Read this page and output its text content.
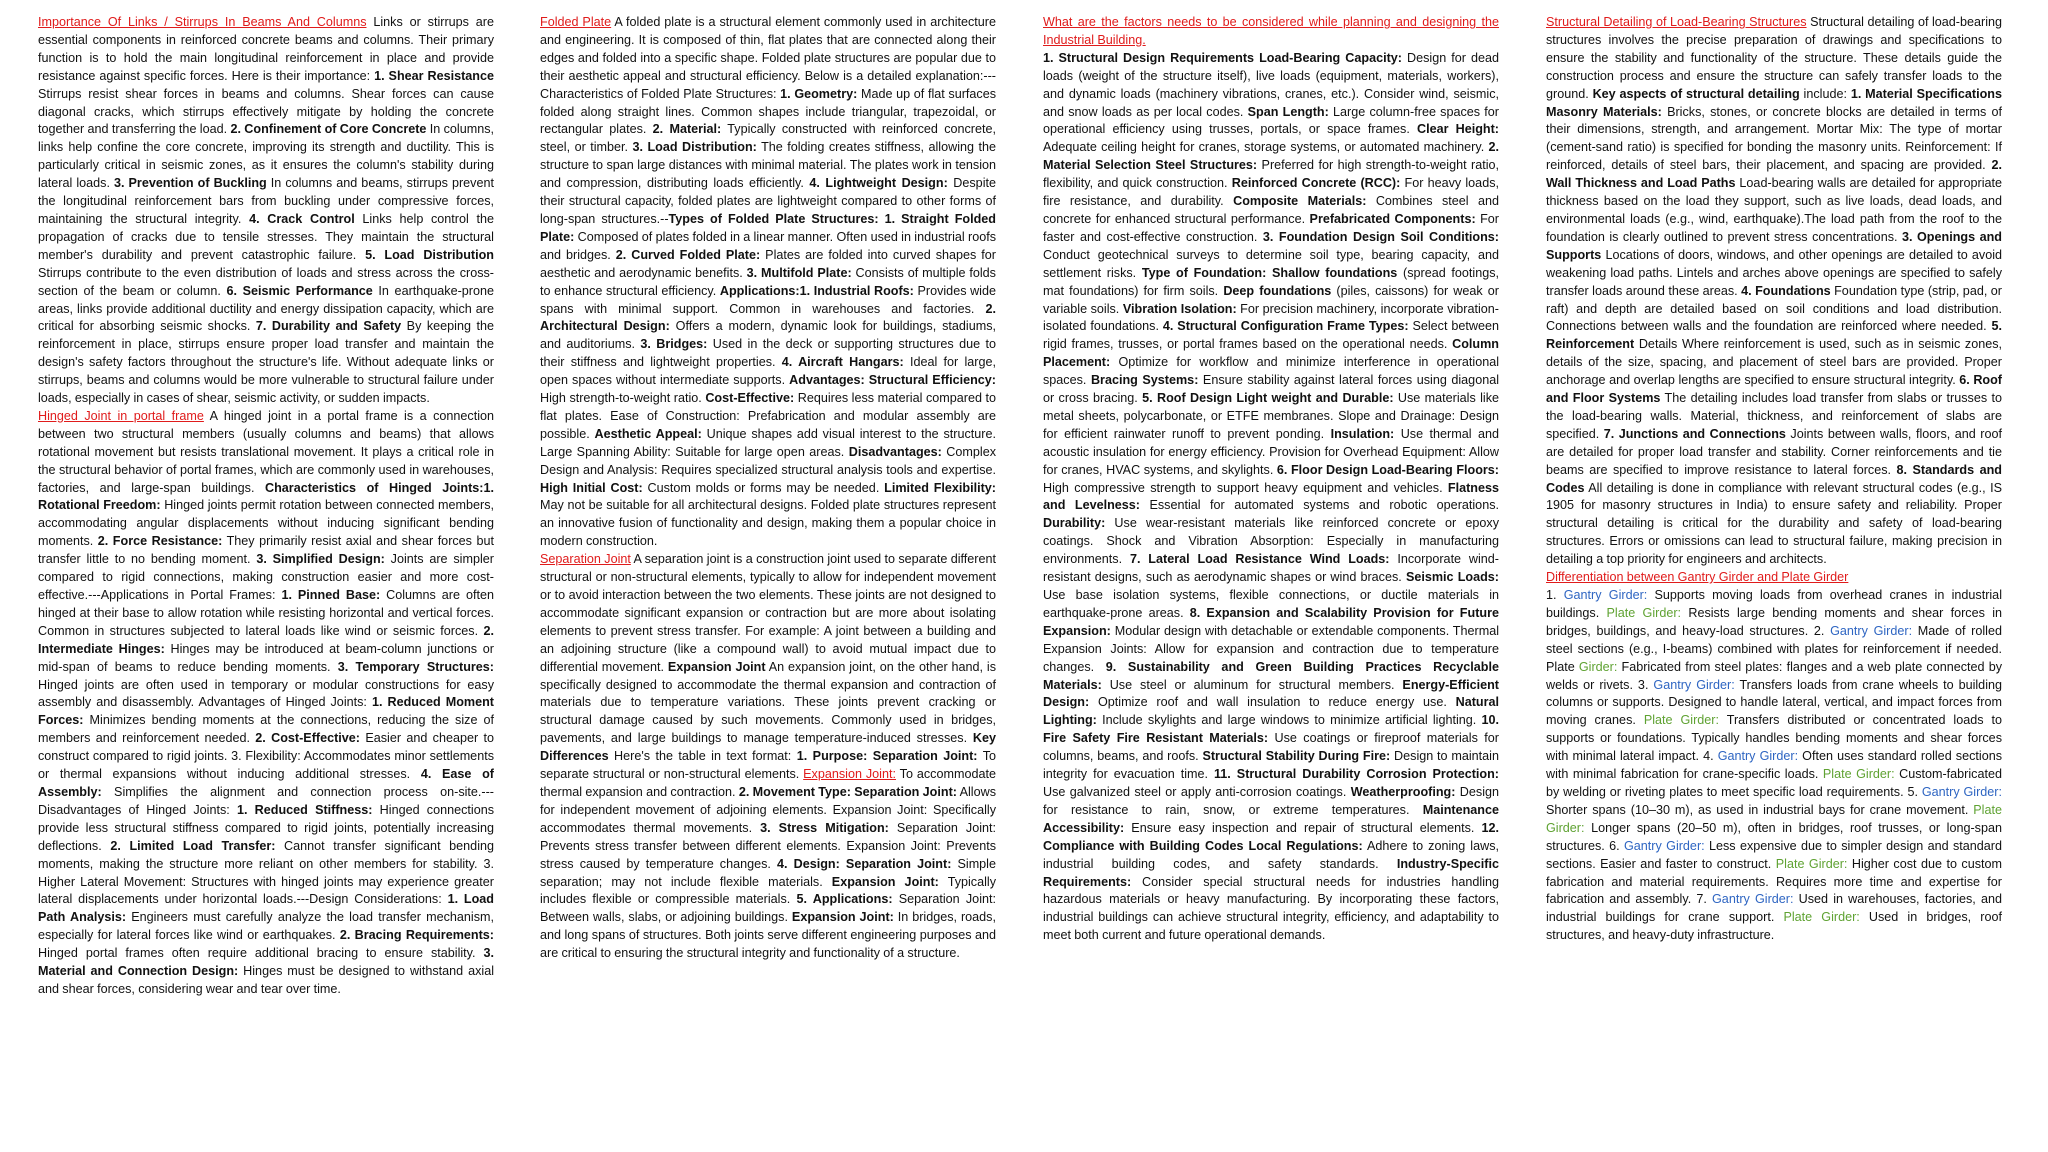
Importance Of Links / Stirrups In Beams And Columns Links or stirrups are essential components in reinforced concrete beams and columns. Their primary function is to hold the main longitudinal reinforcement in place and provide resistance against specific forces. Here is their importance: 1. Shear Resistance Stirrups resist shear forces in beams and columns. Shear forces can cause diagonal cracks, which stirrups effectively mitigate by holding the concrete together and transferring the load. 2. Confinement of Core Concrete In columns, links help confine the core concrete, improving its strength and ductility. This is particularly critical in seismic zones, as it ensures the column's stability during lateral loads. 3. Prevention of Buckling In columns and beams, stirrups prevent the longitudinal reinforcement bars from buckling under compressive forces, maintaining the structural integrity. 4. Crack Control Links help control the propagation of cracks due to tensile stresses. They maintain the structural member's durability and prevent catastrophic failure. 5. Load Distribution Stirrups contribute to the even distribution of loads and stress across the cross-section of the beam or column. 6. Seismic Performance In earthquake-prone areas, links provide additional ductility and energy dissipation capacity, which are critical for absorbing seismic shocks. 7. Durability and Safety By keeping the reinforcement in place, stirrups ensure proper load transfer and maintain the design's safety factors throughout the structure's life. Without adequate links or stirrups, beams and columns would be more vulnerable to structural failure under loads, especially in cases of shear, seismic activity, or sudden impacts.

Hinged Joint in portal frame A hinged joint in a portal frame is a connection between two structural members (usually columns and beams) that allows rotational movement but resists translational movement. It plays a critical role in the structural behavior of portal frames, which are commonly used in warehouses, factories, and large-span buildings. Characteristics of Hinged Joints:1. Rotational Freedom: Hinged joints permit rotation between connected members, accommodating angular displacements without inducing significant bending moments. 2. Force Resistance: They primarily resist axial and shear forces but transfer little to no bending moment. 3. Simplified Design: Joints are simpler compared to rigid connections, making construction easier and more cost-effective.---Applications in Portal Frames: 1. Pinned Base: Columns are often hinged at their base to allow rotation while resisting horizontal and vertical forces. Common in structures subjected to lateral loads like wind or seismic forces. 2. Intermediate Hinges: Hinges may be introduced at beam-column junctions or mid-span of beams to reduce bending moments. 3. Temporary Structures: Hinged joints are often used in temporary or modular constructions for easy assembly and disassembly. Advantages of Hinged Joints: 1. Reduced Moment Forces: Minimizes bending moments at the connections, reducing the size of members and reinforcement needed. 2. Cost-Effective: Easier and cheaper to construct compared to rigid joints. 3. Flexibility: Accommodates minor settlements or thermal expansions without inducing additional stresses. 4. Ease of Assembly: Simplifies the alignment and connection process on-site.---Disadvantages of Hinged Joints: 1. Reduced Stiffness: Hinged connections provide less structural stiffness compared to rigid joints, potentially increasing deflections. 2. Limited Load Transfer: Cannot transfer significant bending moments, making the structure more reliant on other members for stability. 3. Higher Lateral Movement: Structures with hinged joints may experience greater lateral displacements under horizontal loads.---Design Considerations: 1. Load Path Analysis: Engineers must carefully analyze the load transfer mechanism, especially for lateral forces like wind or earthquakes. 2. Bracing Requirements: Hinged portal frames often require additional bracing to ensure stability. 3. Material and Connection Design: Hinges must be designed to withstand axial and shear forces, considering wear and tear over time.

Folded Plate A folded plate is a structural element commonly used in architecture and engineering. It is composed of thin, flat plates that are connected along their edges and folded into a specific shape. Folded plate structures are popular due to their aesthetic appeal and structural efficiency. Below is a detailed explanation:---Characteristics of Folded Plate Structures: 1. Geometry: Made up of flat surfaces folded along straight lines. Common shapes include triangular, trapezoidal, or rectangular plates. 2. Material: Typically constructed with reinforced concrete, steel, or timber. 3. Load Distribution: The folding creates stiffness, allowing the structure to span large distances with minimal material. The plates work in tension and compression, distributing loads efficiently. 4. Lightweight Design: Despite their structural capacity, folded plates are lightweight compared to other forms of long-span structures.--Types of Folded Plate Structures: 1. Straight Folded Plate: Composed of plates folded in a linear manner. Often used in industrial roofs and bridges. 2. Curved Folded Plate: Plates are folded into curved shapes for aesthetic and aerodynamic benefits. 3. Multifold Plate: Consists of multiple folds to enhance structural efficiency. Applications:1. Industrial Roofs: Provides wide spans with minimal support. Common in warehouses and factories. 2. Architectural Design: Offers a modern, dynamic look for buildings, stadiums, and auditoriums. 3. Bridges: Used in the deck or supporting structures due to their stiffness and lightweight properties. 4. Aircraft Hangars: Ideal for large, open spaces without intermediate supports. Advantages: Structural Efficiency: High strength-to-weight ratio. Cost-Effective: Requires less material compared to flat plates. Ease of Construction: Prefabrication and modular assembly are possible. Aesthetic Appeal: Unique shapes add visual interest to the structure. Large Spanning Ability: Suitable for large open areas. Disadvantages: Complex Design and Analysis: Requires specialized structural analysis tools and expertise. High Initial Cost: Custom molds or forms may be needed. Limited Flexibility: May not be suitable for all architectural designs. Folded plate structures represent an innovative fusion of functionality and design, making them a popular choice in modern construction.

Separation Joint A separation joint is a construction joint used to separate different structural or non-structural elements, typically to allow for independent movement or to avoid interaction between the two elements. These joints are not designed to accommodate significant expansion or contraction but are more about isolating elements to prevent stress transfer. For example: A joint between a building and an adjoining structure (like a compound wall) to avoid mutual impact due to differential movement. Expansion Joint An expansion joint, on the other hand, is specifically designed to accommodate the thermal expansion and contraction of materials due to temperature variations. These joints prevent cracking or structural damage caused by such movements. Commonly used in bridges, pavements, and large buildings to manage temperature-induced stresses. Key Differences Here's the table in text format: 1. Purpose: Separation Joint: To separate structural or non-structural elements. Expansion Joint: To accommodate thermal expansion and contraction. 2. Movement Type: Separation Joint: Allows for independent movement of adjoining elements. Expansion Joint: Specifically accommodates thermal movements. 3. Stress Mitigation: Separation Joint: Prevents stress transfer between different elements. Expansion Joint: Prevents stress caused by temperature changes. 4. Design: Separation Joint: Simple separation; may not include flexible materials. Expansion Joint: Typically includes flexible or compressible materials. 5. Applications: Separation Joint: Between walls, slabs, or adjoining buildings. Expansion Joint: In bridges, roads, and long spans of structures. Both joints serve different engineering purposes and are critical to ensuring the structural integrity and functionality of a structure.

What are the factors needs to be considered while planning and designing the Industrial Building.
1. Structural Design Requirements Load-Bearing Capacity: Design for dead loads (weight of the structure itself), live loads (equipment, materials, workers), and dynamic loads (machinery vibrations, cranes, etc.). Consider wind, seismic, and snow loads as per local codes. Span Length: Large column-free spaces for operational efficiency using trusses, portals, or space frames. Clear Height: Adequate ceiling height for cranes, storage systems, or automated machinery. 2. Material Selection Steel Structures: Preferred for high strength-to-weight ratio, flexibility, and quick construction. Reinforced Concrete (RCC): For heavy loads, fire resistance, and durability. Composite Materials: Combines steel and concrete for enhanced structural performance. Prefabricated Components: For faster and cost-effective construction. 3. Foundation Design Soil Conditions: Conduct geotechnical surveys to determine soil type, bearing capacity, and settlement risks. Type of Foundation: Shallow foundations (spread footings, mat foundations) for firm soils. Deep foundations (piles, caissons) for weak or variable soils. Vibration Isolation: For precision machinery, incorporate vibration-isolated foundations. 4. Structural Configuration Frame Types: Select between rigid frames, trusses, or portal frames based on the operational needs. Column Placement: Optimize for workflow and minimize interference in operational spaces. Bracing Systems: Ensure stability against lateral forces using diagonal or cross bracing. 5. Roof Design Light weight and Durable: Use materials like metal sheets, polycarbonate, or ETFE membranes. Slope and Drainage: Design for efficient rainwater runoff to prevent ponding. Insulation: Use thermal and acoustic insulation for energy efficiency. Provision for Overhead Equipment: Allow for cranes, HVAC systems, and skylights. 6. Floor Design Load-Bearing Floors: High compressive strength to support heavy equipment and vehicles. Flatness and Levelness: Essential for automated systems and robotic operations. Durability: Use wear-resistant materials like reinforced concrete or epoxy coatings. Shock and Vibration Absorption: Especially in manufacturing environments. 7. Lateral Load Resistance Wind Loads: Incorporate wind-resistant designs, such as aerodynamic shapes or wind braces. Seismic Loads: Use base isolation systems, flexible connections, or ductile materials in earthquake-prone areas. 8. Expansion and Scalability Provision for Future Expansion: Modular design with detachable or extendable components. Thermal Expansion Joints: Allow for expansion and contraction due to temperature changes. 9. Sustainability and Green Building Practices Recyclable Materials: Use steel or aluminum for structural members. Energy-Efficient Design: Optimize roof and wall insulation to reduce energy use. Natural Lighting: Include skylights and large windows to minimize artificial lighting. 10. Fire Safety Fire Resistant Materials: Use coatings or fireproof materials for columns, beams, and roofs. Structural Stability During Fire: Design to maintain integrity for evacuation time. 11. Structural Durability Corrosion Protection: Use galvanized steel or apply anti-corrosion coatings. Weatherproofing: Design for resistance to rain, snow, or extreme temperatures. Maintenance Accessibility: Ensure easy inspection and repair of structural elements. 12. Compliance with Building Codes Local Regulations: Adhere to zoning laws, industrial building codes, and safety standards. Industry-Specific Requirements: Consider special structural needs for industries handling hazardous materials or heavy manufacturing. By incorporating these factors, industrial buildings can achieve structural integrity, efficiency, and adaptability to meet both current and future operational demands.

Structural Detailing of Load-Bearing Structures Structural detailing of load-bearing structures involves the precise preparation of drawings and specifications to ensure the stability and functionality of the structure. These details guide the construction process and ensure the structure can safely transfer loads to the ground. Key aspects of structural detailing include: 1. Material Specifications Masonry Materials: Bricks, stones, or concrete blocks are detailed in terms of their dimensions, strength, and arrangement. Mortar Mix: The type of mortar (cement-sand ratio) is specified for bonding the masonry units. Reinforcement: If reinforced, details of steel bars, their placement, and spacing are provided. 2. Wall Thickness and Load Paths Load-bearing walls are detailed for appropriate thickness based on the load they support, such as live loads, dead loads, and environmental loads (e.g., wind, earthquake).The load path from the roof to the foundation is clearly outlined to prevent stress concentrations. 3. Openings and Supports Locations of doors, windows, and other openings are detailed to avoid weakening load paths. Lintels and arches above openings are specified to safely transfer loads around these areas. 4. Foundations Foundation type (strip, pad, or raft) and depth are detailed based on soil conditions and load distribution. Connections between walls and the foundation are reinforced where needed. 5. Reinforcement Details Where reinforcement is used, such as in seismic zones, details of the size, spacing, and placement of steel bars are provided. Proper anchorage and overlap lengths are specified to ensure structural integrity. 6. Roof and Floor Systems The detailing includes load transfer from slabs or trusses to the load-bearing walls. Material, thickness, and reinforcement of slabs are specified. 7. Junctions and Connections Joints between walls, floors, and roof are detailed for proper load transfer and stability. Corner reinforcements and tie beams are specified to improve resistance to lateral forces. 8. Standards and Codes All detailing is done in compliance with relevant structural codes (e.g., IS 1905 for masonry structures in India) to ensure safety and reliability. Proper structural detailing is critical for the durability and safety of load-bearing structures. Errors or omissions can lead to structural failure, making precision in detailing a top priority for engineers and architects.

Differentiation between Gantry Girder and Plate Girder
1. Gantry Girder: Supports moving loads from overhead cranes in industrial buildings. Plate Girder: Resists large bending moments and shear forces in bridges, buildings, and heavy-load structures. 2. Gantry Girder: Made of rolled steel sections (e.g., I-beams) combined with plates for reinforcement if needed. Plate Girder: Fabricated from steel plates: flanges and a web plate connected by welds or rivets. 3. Gantry Girder: Transfers loads from crane wheels to building columns or supports. Designed to handle lateral, vertical, and impact forces from moving cranes. Plate Girder: Transfers distributed or concentrated loads to supports or foundations. Typically handles bending moments and shear forces with minimal lateral impact. 4. Gantry Girder: Often uses standard rolled sections with minimal fabrication for crane-specific loads. Plate Girder: Custom-fabricated by welding or riveting plates to meet specific load requirements. 5. Gantry Girder: Shorter spans (10–30 m), as used in industrial bays for crane movement. Plate Girder: Longer spans (20–50 m), often in bridges, roof trusses, or long-span structures. 6. Gantry Girder: Less expensive due to simpler design and standard sections. Easier and faster to construct. Plate Girder: Higher cost due to custom fabrication and material requirements. Requires more time and expertise for fabrication and assembly. 7. Gantry Girder: Used in warehouses, factories, and industrial buildings for crane support. Plate Girder: Used in bridges, roof structures, and heavy-duty infrastructure.
